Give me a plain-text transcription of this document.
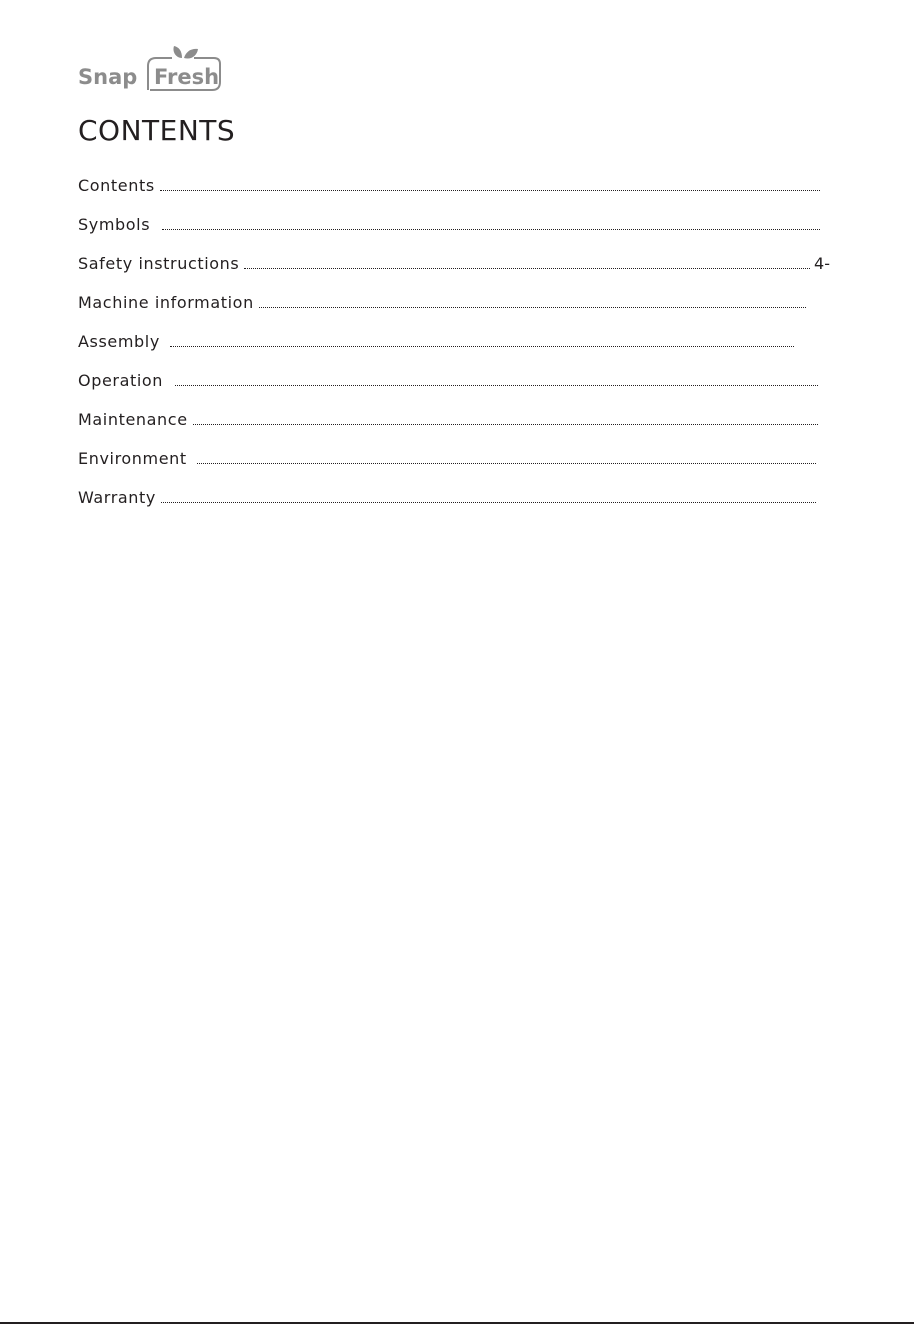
Snap Fresh
CONTENTS
Contents
Symbols
Safety instructions	4-
Machine information
Assembly
Operation
Maintenance
Environment
Warranty
